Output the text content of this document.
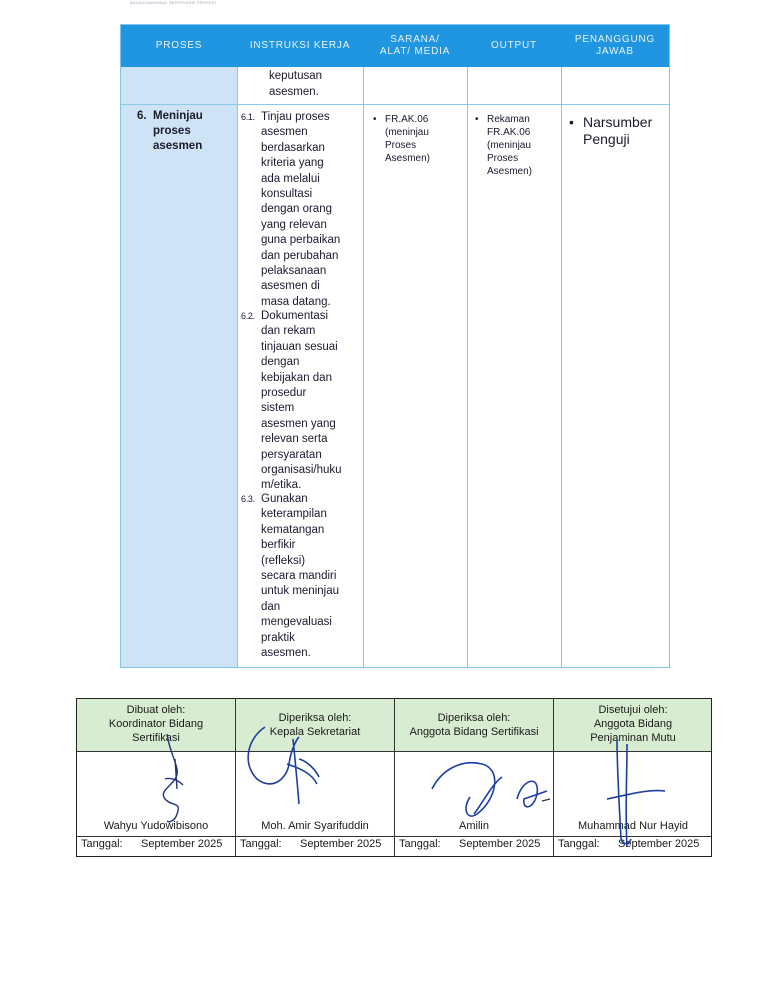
BADAN NASIONAL SERTIFIKASI PROFESI
PROSES	INSTRUKSI KERJA
SARANA/
ALAT/ MEDIA
OUTPUT
PENANGGUNG
JAWAB
keputusan
asesmen.
6. Meninjau
proses
asesmen
6.1. Tinjau proses
asesmen
berdasarkan
kriteria yang
ada melalui
konsultasi
dengan orang
yang relevan
guna perbaikan
dan perubahan
pelaksanaan
asesmen di
masa datang.
6.2. Dokumentasi
dan rekam
tinjauan sesuai
dengan
kebijakan dan
prosedur
sistem
asesmen yang
relevan serta
persyaratan
organisasi/huku
m/etika.
6.3. Gunakan
keterampilan
kematangan
berfikir
(refleksi)
secara mandiri
untuk meninjau
dan
mengevaluasi
praktik
asesmen.
• FR.AK.06
(meninjau
Proses
Asesmen)
• Rekaman
FR.AK.06
(meninjau
Proses
Asesmen)
• Narsumber
Penguji
Dibuat oleh:
Koordinator Bidang
Sertifikasi
Wahyu Yudowibisono
Tanggal: September 2025
Diperiksa oleh:
Kepala Sekretariat
Moh. Amir Syarifuddin
Tanggal: September 2025
Diperiksa oleh:
Anggota Bidang Sertifikasi
Amilin
Tanggal: September 2025
Disetujui oleh:
Anggota Bidang
Penjaminan Mutu
Muhammad Nur Hayid
Tanggal: September 2025
